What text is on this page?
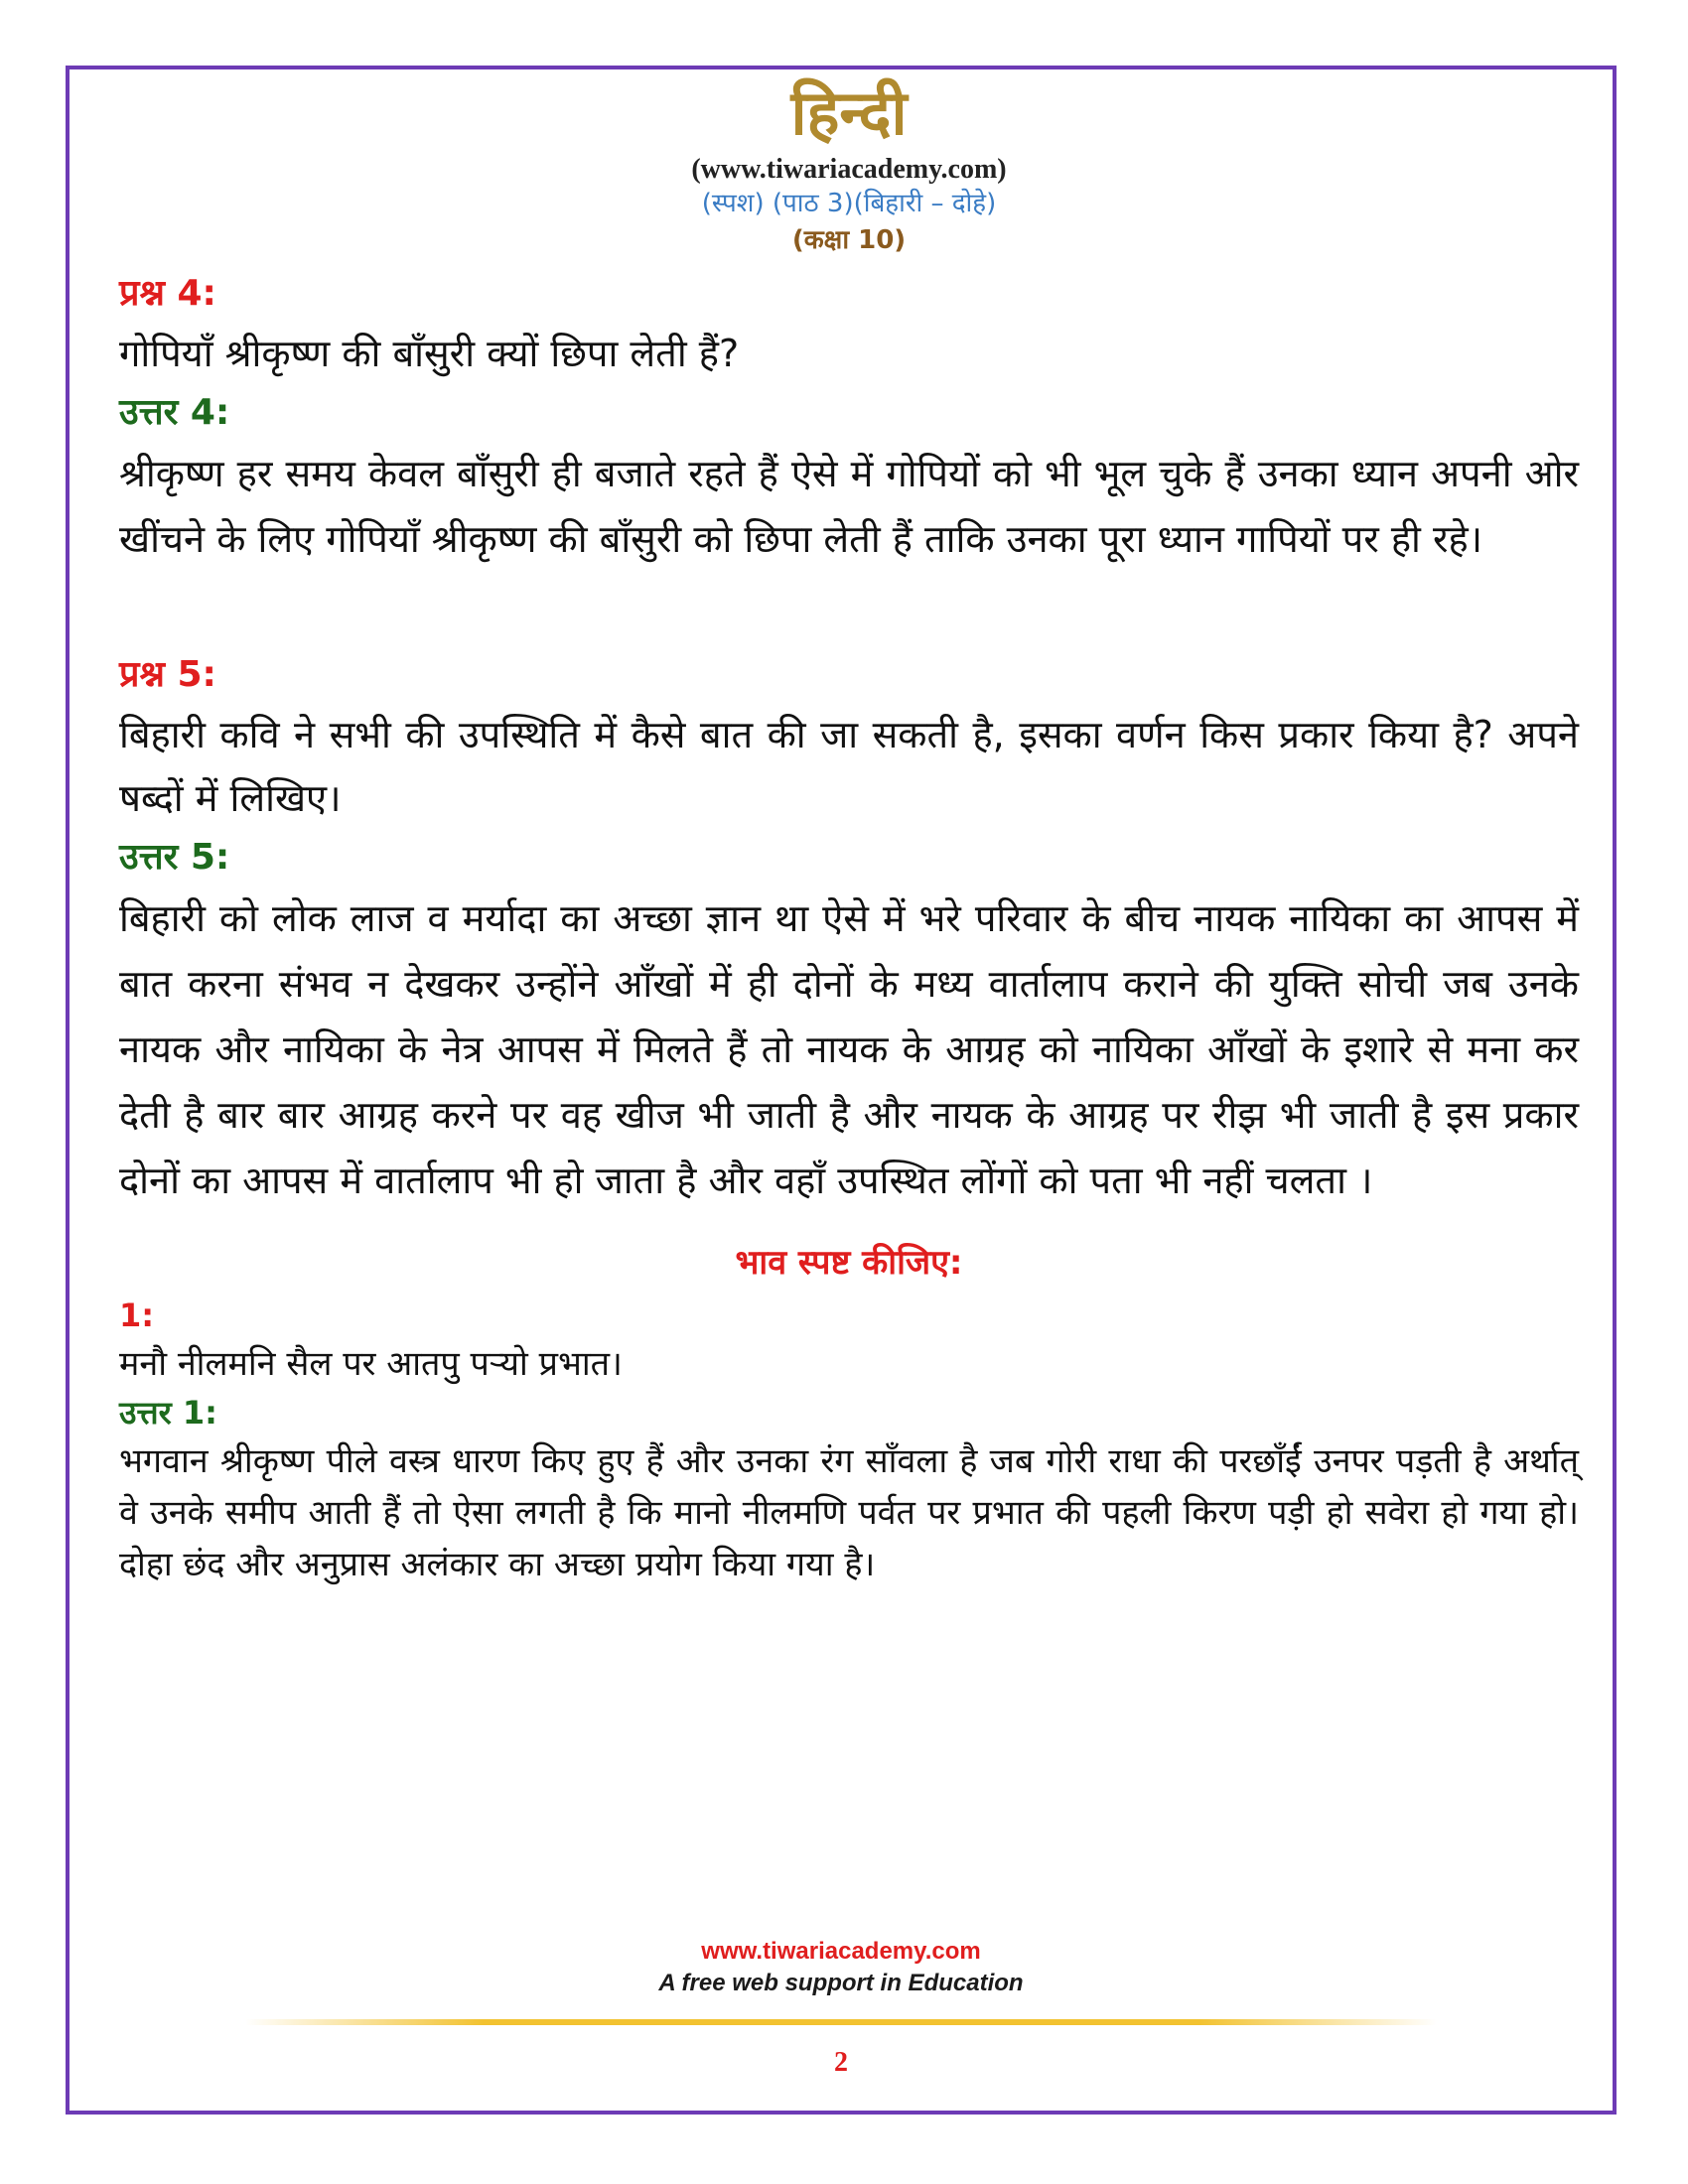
हिन्दी
(www.tiwariacademy.com)
(स्पश) (पाठ 3)(बिहारी – दोहे)
(कक्षा 10)
प्रश्न 4:
गोपियाँ श्रीकृष्ण की बाँसुरी क्यों छिपा लेती हैं?
उत्तर 4:
श्रीकृष्ण हर समय केवल बाँसुरी ही बजाते रहते हैं ऐसे में गोपियों को भी भूल चुके हैं उनका ध्यान अपनी ओर खींचने के लिए गोपियाँ श्रीकृष्ण की बाँसुरी को छिपा लेती हैं ताकि उनका पूरा ध्यान गापियों पर ही रहे।
प्रश्न 5:
बिहारी कवि ने सभी की उपस्थिति में कैसे बात की जा सकती है, इसका वर्णन किस प्रकार किया है? अपने षब्दों में लिखिए।
उत्तर 5:
बिहारी को लोक लाज व मर्यादा का अच्छा ज्ञान था ऐसे में भरे परिवार के बीच नायक नायिका का आपस में बात करना संभव न देखकर उन्होंने आँखों में ही दोनों के मध्य वार्तालाप कराने की युक्ति सोची जब उनके नायक और नायिका के नेत्र आपस में मिलते हैं तो नायक के आग्रह को नायिका आँखों के इशारे से मना कर देती है बार बार आग्रह करने पर वह खीज भी जाती है और नायक के आग्रह पर रीझ भी जाती है इस प्रकार दोनों का आपस में वार्तालाप भी हो जाता है और वहाँ उपस्थित लोंगों को पता भी नहीं चलता ।
भाव स्पष्ट कीजिए:
1:
मनौ नीलमनि सैल पर आतपु पर्‍यो प्रभात।
उत्तर 1:
भगवान श्रीकृष्ण पीले वस्त्र धारण किए हुए हैं और उनका रंग साँवला है जब गोरी राधा की परछाँईं उनपर पड़ती है अर्थात् वे उनके समीप आती हैं तो ऐसा लगती है कि मानो नीलमणि पर्वत पर प्रभात की पहली किरण पड़ी हो सवेरा हो गया हो। दोहा छंद और अनुप्रास अलंकार का अच्छा प्रयोग किया गया है।
www.tiwariacademy.com
A free web support in Education
2
